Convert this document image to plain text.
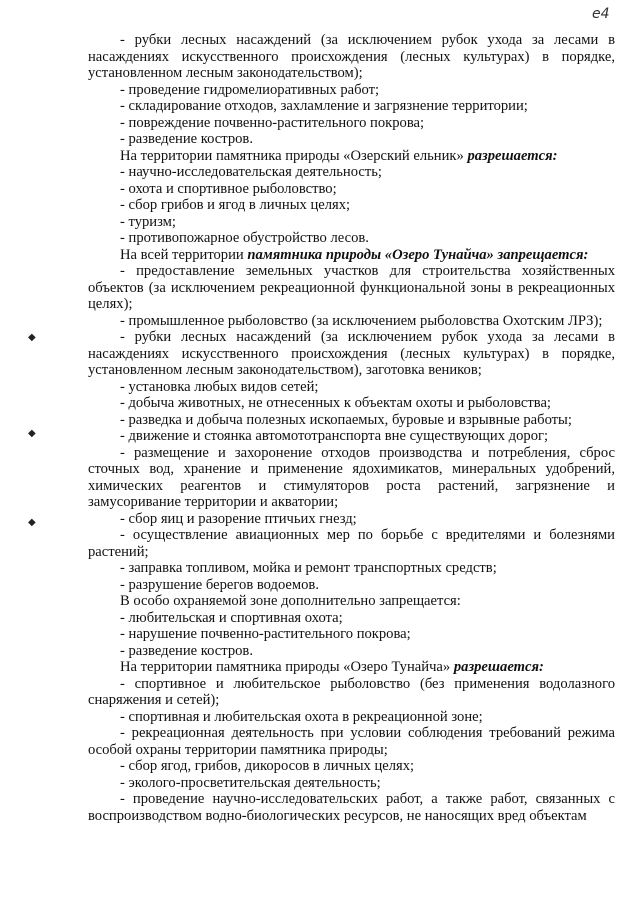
е4
◆
◆
◆

- рубки лесных насаждений (за исключением рубок ухода за лесами в насаждениях искусственного происхождения (лесных культурах) в порядке, установленном лесным законодательством);

- проведение гидромелиоративных работ;

- складирование отходов, захламление и загрязнение территории;

- повреждение почвенно-растительного покрова;

- разведение костров.

На территории памятника природы «Озерский ельник» разрешается:

- научно-исследовательская деятельность;

- охота и спортивное рыболовство;

- сбор грибов и ягод в личных целях;

- туризм;

- противопожарное обустройство лесов.

На всей территории памятника природы «Озеро Тунайча» запрещается:

- предоставление земельных участков для строительства хозяйственных объектов (за исключением рекреационной функциональной зоны в рекреационных целях);

- промышленное рыболовство (за исключением рыболовства Охотским ЛРЗ);

- рубки лесных насаждений (за исключением рубок ухода за лесами в насаждениях искусственного происхождения (лесных культурах) в порядке, установленном лесным законодательством), заготовка веников;

- установка любых видов сетей;

- добыча животных, не отнесенных к объектам охоты и рыболовства;

- разведка и добыча полезных ископаемых, буровые и взрывные работы;

- движение и стоянка автомототранспорта вне существующих дорог;

- размещение и захоронение отходов производства и потребления, сброс сточных вод, хранение и применение ядохимикатов, минеральных удобрений, химических реагентов и стимуляторов роста растений, загрязнение и замусоривание территории и акватории;

- сбор яиц и разорение птичьих гнезд;

- осуществление авиационных мер по борьбе с вредителями и болезнями растений;

- заправка топливом, мойка и ремонт транспортных средств;

- разрушение берегов водоемов.

В особо охраняемой зоне дополнительно запрещается:

- любительская и спортивная охота;

- нарушение почвенно-растительного покрова;

- разведение костров.

На территории памятника природы «Озеро Тунайча» разрешается:

- спортивное и любительское рыболовство (без применения водолазного снаряжения и сетей);

- спортивная и любительская охота в рекреационной зоне;

- рекреационная деятельность при условии соблюдения требований режима особой охраны территории памятника природы;

- сбор ягод, грибов, дикоросов в личных целях;

- эколого-просветительская деятельность;

- проведение научно-исследовательских работ, а также работ, связанных с воспроизводством водно-биологических ресурсов, не наносящих вред объектам
